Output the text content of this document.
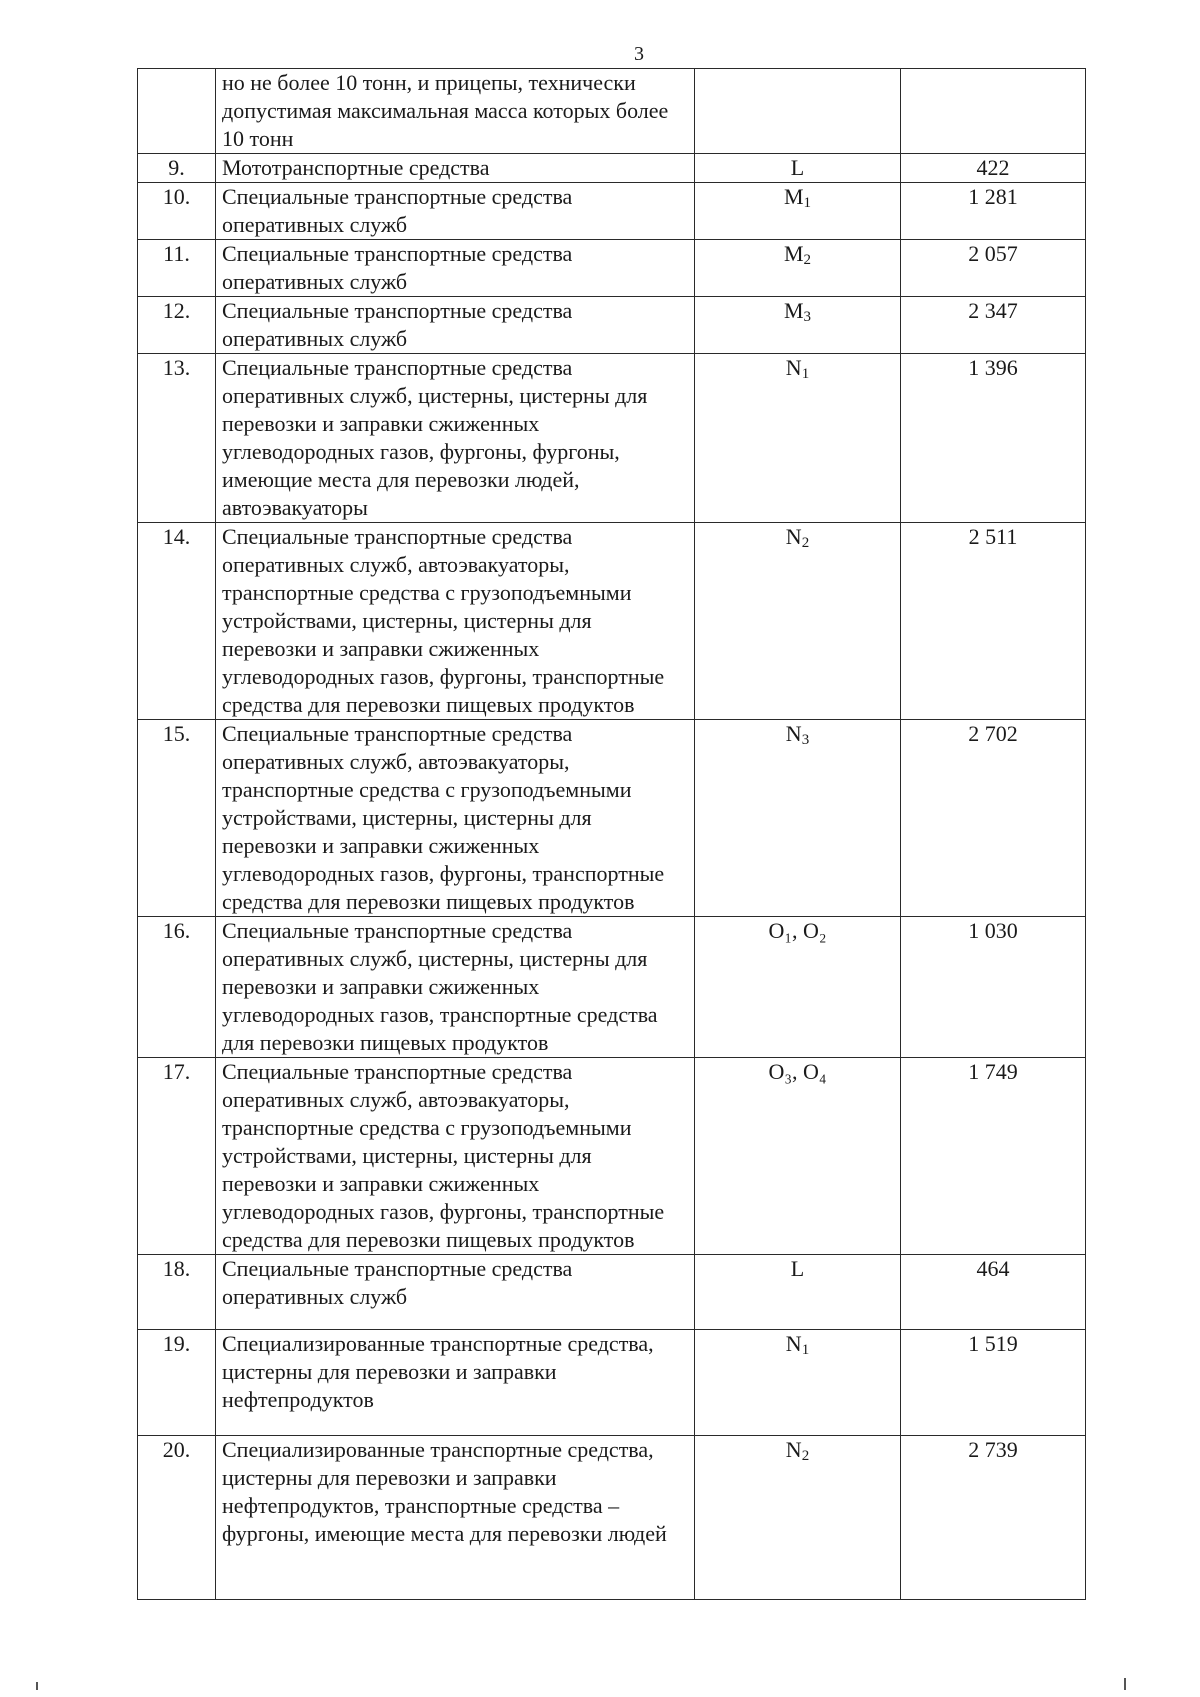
3
	но не более 10 тонн, и прицепы, технически допустимая максимальная масса которых более 10 тонн		
9.	Мототранспортные средства	L	422
10.	Специальные транспортные средства оперативных служб	$M_1$	1 281
11.	Специальные транспортные средства оперативных служб	$M_2$	2 057
12.	Специальные транспортные средства оперативных служб	$M_3$	2 347
13.	Специальные транспортные средства оперативных служб, цистерны, цистерны для перевозки и заправки сжиженных углеводородных газов, фургоны, фургоны, имеющие места для перевозки людей, автоэвакуаторы	$N_1$	1 396
14.	Специальные транспортные средства оперативных служб, автоэвакуаторы, транспортные средства с грузоподъемными устройствами, цистерны, цистерны для перевозки и заправки сжиженных углеводородных газов, фургоны, транспортные средства для перевозки пищевых продуктов	$N_2$	2 511
15.	Специальные транспортные средства оперативных служб, автоэвакуаторы, транспортные средства с грузоподъемными устройствами, цистерны, цистерны для перевозки и заправки сжиженных углеводородных газов, фургоны, транспортные средства для перевозки пищевых продуктов	$N_3$	2 702
16.	Специальные транспортные средства оперативных служб, цистерны, цистерны для перевозки и заправки сжиженных углеводородных газов, транспортные средства для перевозки пищевых продуктов	O₁, O₂	1 030
17.	Специальные транспортные средства оперативных служб, автоэвакуаторы, транспортные средства с грузоподъемными устройствами, цистерны, цистерны для перевозки и заправки сжиженных углеводородных газов, фургоны, транспортные средства для перевозки пищевых продуктов	O₃, O₄	1 749
18.	Специальные транспортные средства оперативных служб	L	464
19.	Специализированные транспортные средства, цистерны для перевозки и заправки нефтепродуктов	$N_1$	1 519
20.	Специализированные транспортные средства, цистерны для перевозки и заправки нефтепродуктов, транспортные средства – фургоны, имеющие места для перевозки людей	$N_2$	2 739
